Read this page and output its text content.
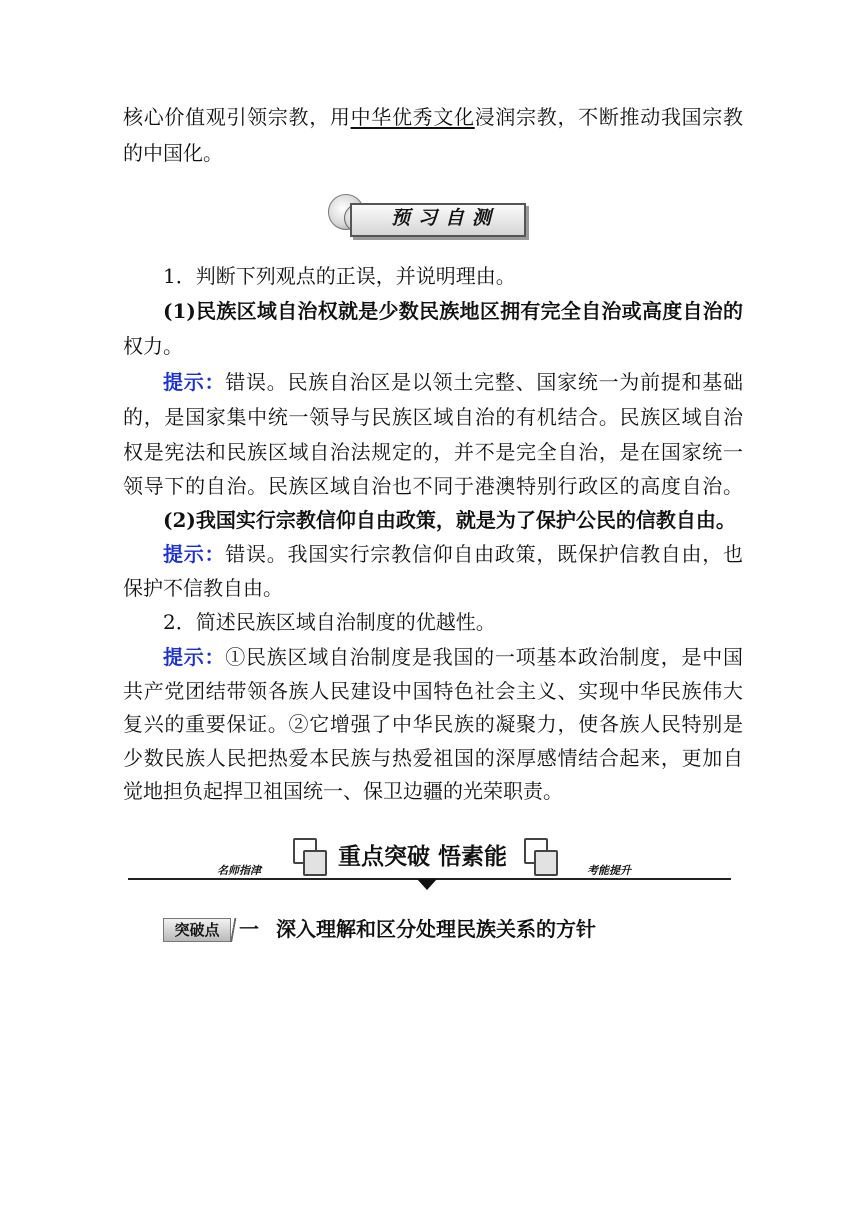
核心价值观引领宗教，用中华优秀文化浸润宗教，不断推动我国宗教
的中国化。
预习自测
1．判断下列观点的正误，并说明理由。
(1)民族区域自治权就是少数民族地区拥有完全自治或高度自治的
权力。
提示：错误。民族自治区是以领土完整、国家统一为前提和基础
的，是国家集中统一领导与民族区域自治的有机结合。民族区域自治
权是宪法和民族区域自治法规定的，并不是完全自治，是在国家统一
领导下的自治。民族区域自治也不同于港澳特别行政区的高度自治。
(2)我国实行宗教信仰自由政策，就是为了保护公民的信教自由。
提示：错误。我国实行宗教信仰自由政策，既保护信教自由，也
保护不信教自由。
2．简述民族区域自治制度的优越性。
提示：①民族区域自治制度是我国的一项基本政治制度，是中国
共产党团结带领各族人民建设中国特色社会主义、实现中华民族伟大
复兴的重要保证。②它增强了中华民族的凝聚力，使各族人民特别是
少数民族人民把热爱本民族与热爱祖国的深厚感情结合起来，更加自
觉地担负起捍卫祖国统一、保卫边疆的光荣职责。
重点突破 悟素能
名师指津	考能提升
突破点 一 深入理解和区分处理民族关系的方针
